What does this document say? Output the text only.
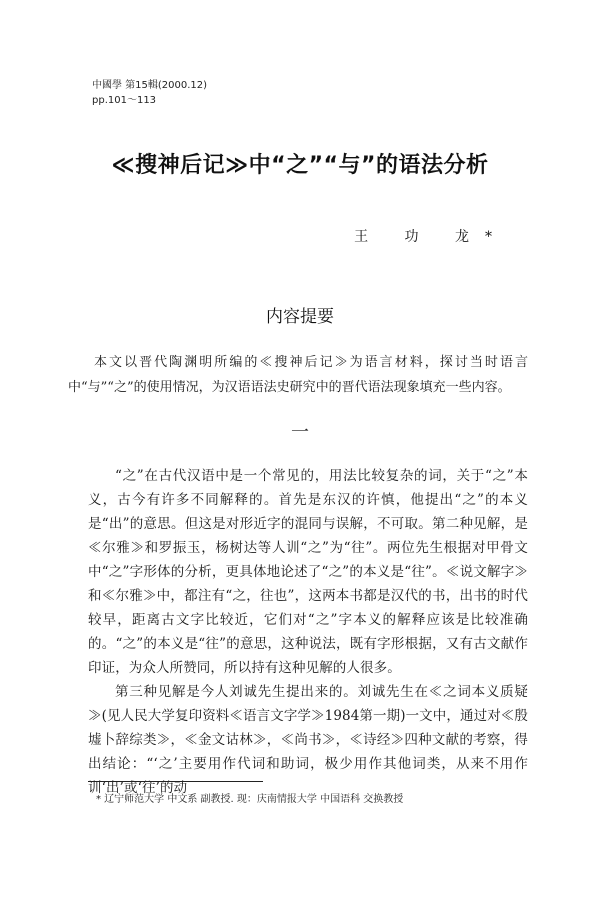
中國學 第15輯(2000.12)
pp.101～113
≪搜神后记≫中“之”“与”的语法分析
王 功 龙*
内容提要

本文以晋代陶渊明所编的≪搜神后记≫为语言材料，探讨当时语言中“与”“之”的使用情况，为汉语语法史研究中的晋代语法现象填充一些内容。

一

“之”在古代汉语中是一个常见的，用法比较复杂的词，关于“之”本义，古今有许多不同解释的。首先是东汉的许慎，他提出“之”的本义是“出”的意思。但这是对形近字的混同与误解，不可取。第二种见解，是≪尔雅≫和罗振玉，杨树达等人训“之”为“往”。两位先生根据对甲骨文中“之”字形体的分析，更具体地论述了“之”的本义是“往”。≪说文解字≫和≪尔雅≫中，都注有“之，往也”，这两本书都是汉代的书，出书的时代较早，距离古文字比较近，它们对“之”字本义的解释应该是比较准确的。“之”的本义是“往”的意思，这种说法，既有字形根据，又有古文献作印证，为众人所赞同，所以持有这种见解的人很多。

第三种见解是今人刘诚先生提出来的。刘诚先生在≪之词本义质疑≫(见人民大学复印资料≪语言文字学≫1984第一期)一文中，通过对≪殷墟卜辞综类≫，≪金文诂林≫，≪尚书≫，≪诗经≫四种文献的考察，得出结论：“‘之’主要用作代词和助词，极少用作其他词类，从来不用作训‘出’或‘往’的动

* 辽宁师范大学 中文系 副教授. 现：庆南情报大学 中国语科 交换教授
